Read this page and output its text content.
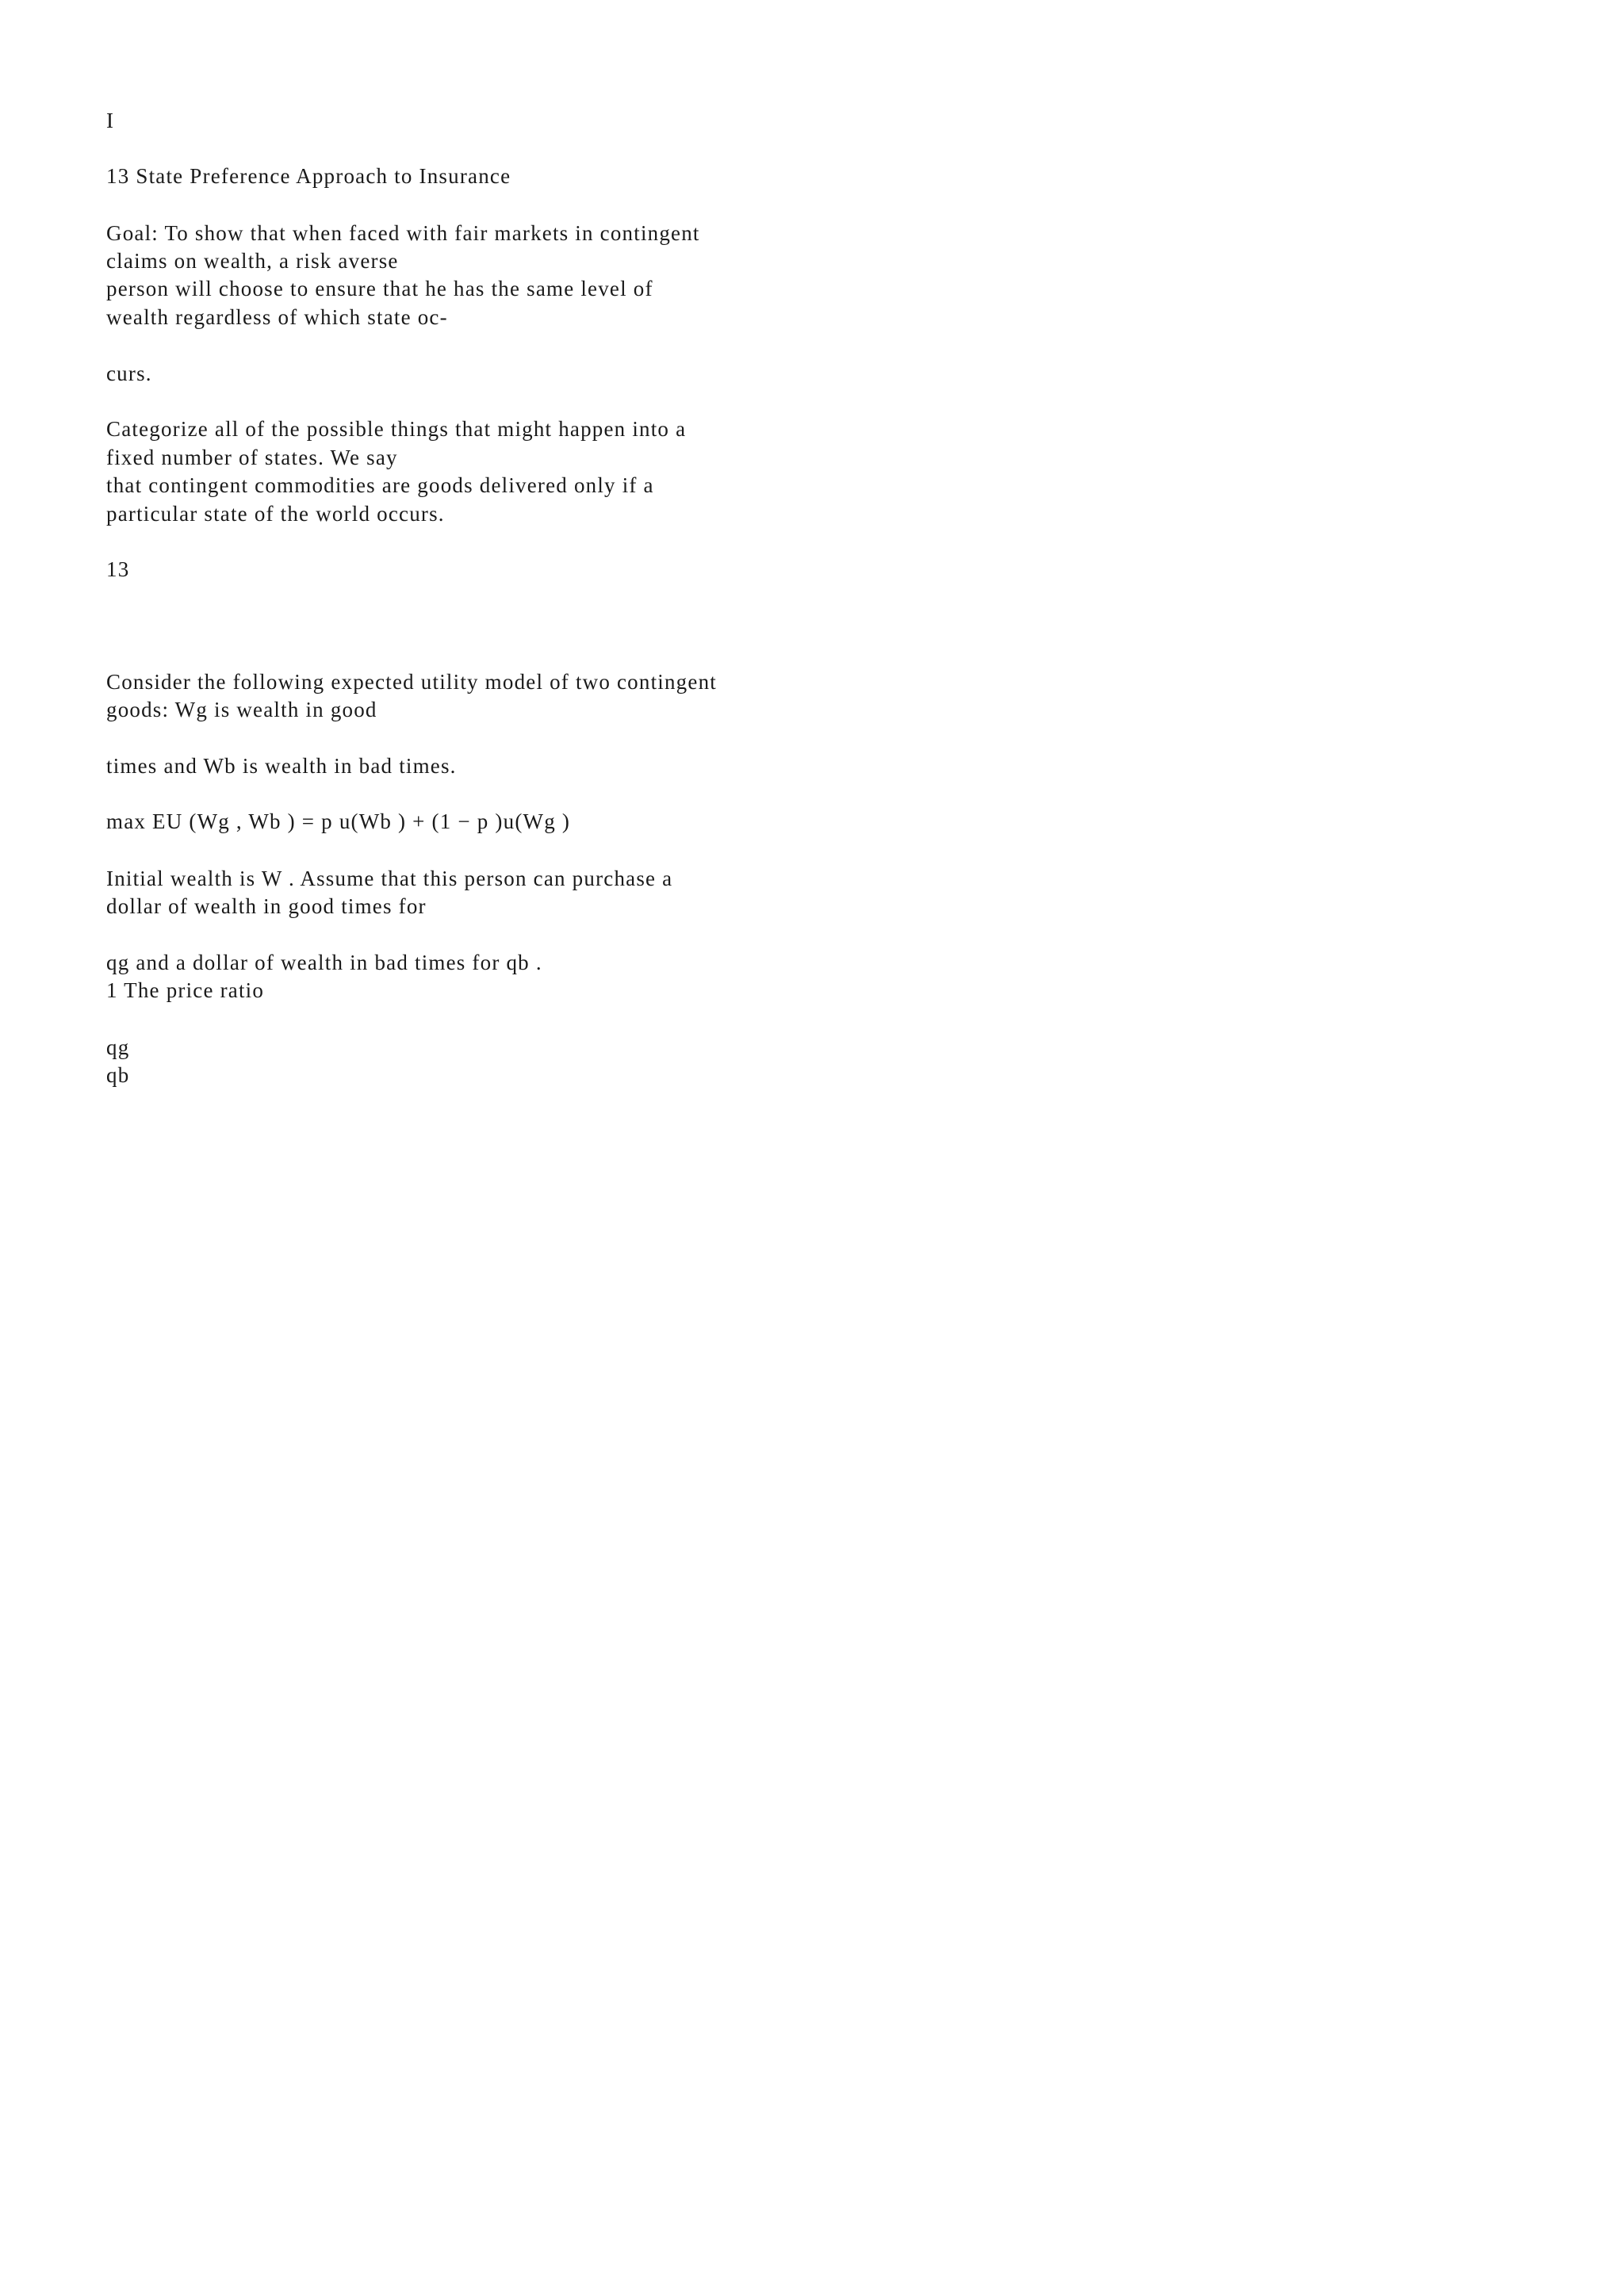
I
13 State Preference Approach to Insurance
Goal: To show that when faced with fair markets in contingent
claims on wealth, a risk averse
person will choose to ensure that he has the same level of
wealth regardless of which state oc-
curs.
Categorize all of the possible things that might happen into a
fixed number of states. We say
that contingent commodities are goods delivered only if a
particular state of the world occurs.
13
Consider the following expected utility model of two contingent
goods: Wg is wealth in good
times and Wb is wealth in bad times.
max EU (Wg , Wb ) = p u(Wb ) + (1 − p )u(Wg )
Initial wealth is W . Assume that this person can purchase a
dollar of wealth in good times for
qg and a dollar of wealth in bad times for qb .
1 The price ratio
qg
qb
